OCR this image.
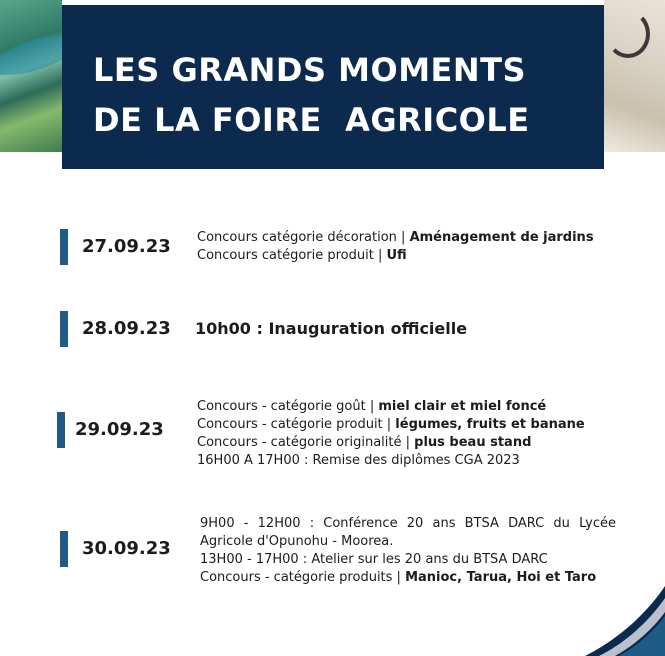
LES GRANDS MOMENTS
DE LA FOIRE  AGRICOLE
27.09.23 Concours catégorie décoration | Aménagement de jardins
Concours catégorie produit | Ufi
28.09.23 10h00 : Inauguration officielle
29.09.23
Concours - catégorie goût | miel clair et miel foncé
Concours - catégorie produit | légumes, fruits et banane
Concours - catégorie originalité | plus beau stand
16H00 A 17H00 : Remise des diplômes CGA 2023
30.09.23
9H00 - 12H00 : Conférence 20 ans BTSA DARC du Lycée Agricole d'Opunohu - Moorea.
13H00 - 17H00 : Atelier sur les 20 ans du BTSA DARC
Concours - catégorie produits | Manioc, Tarua, Hoi et Taro
